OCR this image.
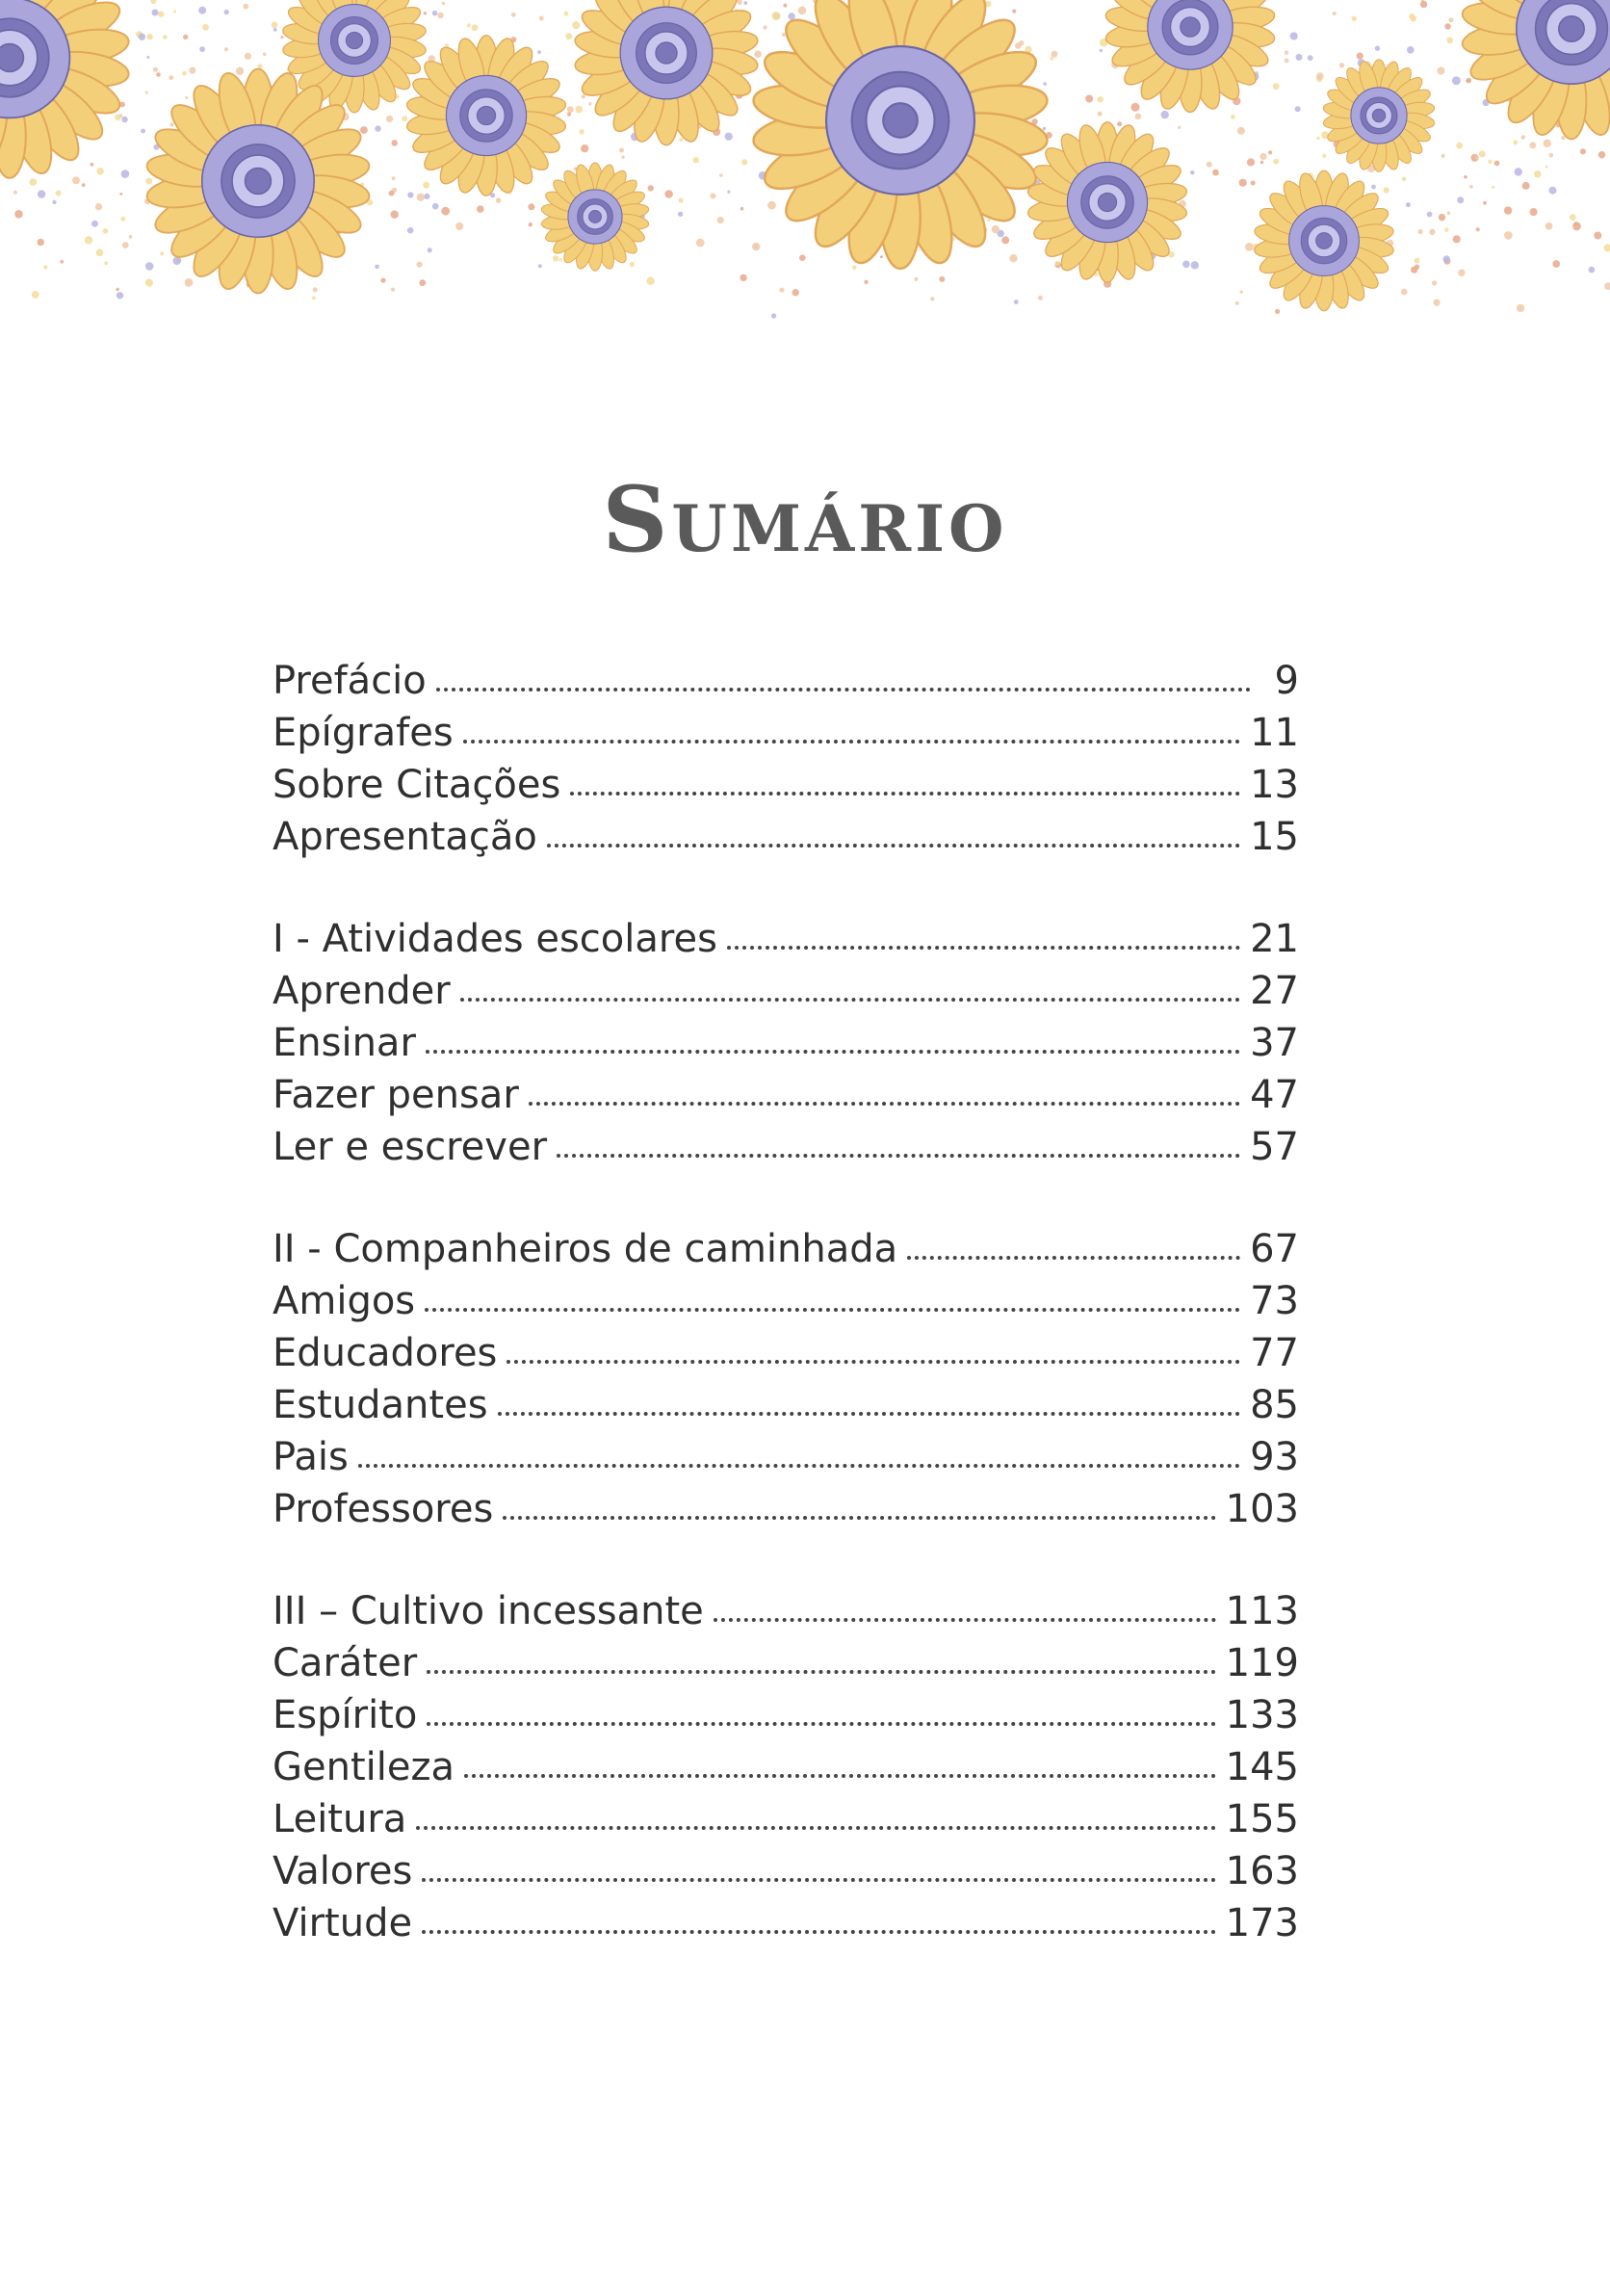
Sumário
Prefácio	9
Epígrafes	11
Sobre Citações	13
Apresentação	15
I - Atividades escolares	21
Aprender	27
Ensinar	37
Fazer pensar	47
Ler e escrever	57
II - Companheiros de caminhada	67
Amigos	73
Educadores	77
Estudantes	85
Pais	93
Professores	103
III – Cultivo incessante	113
Caráter	119
Espírito	133
Gentileza	145
Leitura	155
Valores	163
Virtude	173
